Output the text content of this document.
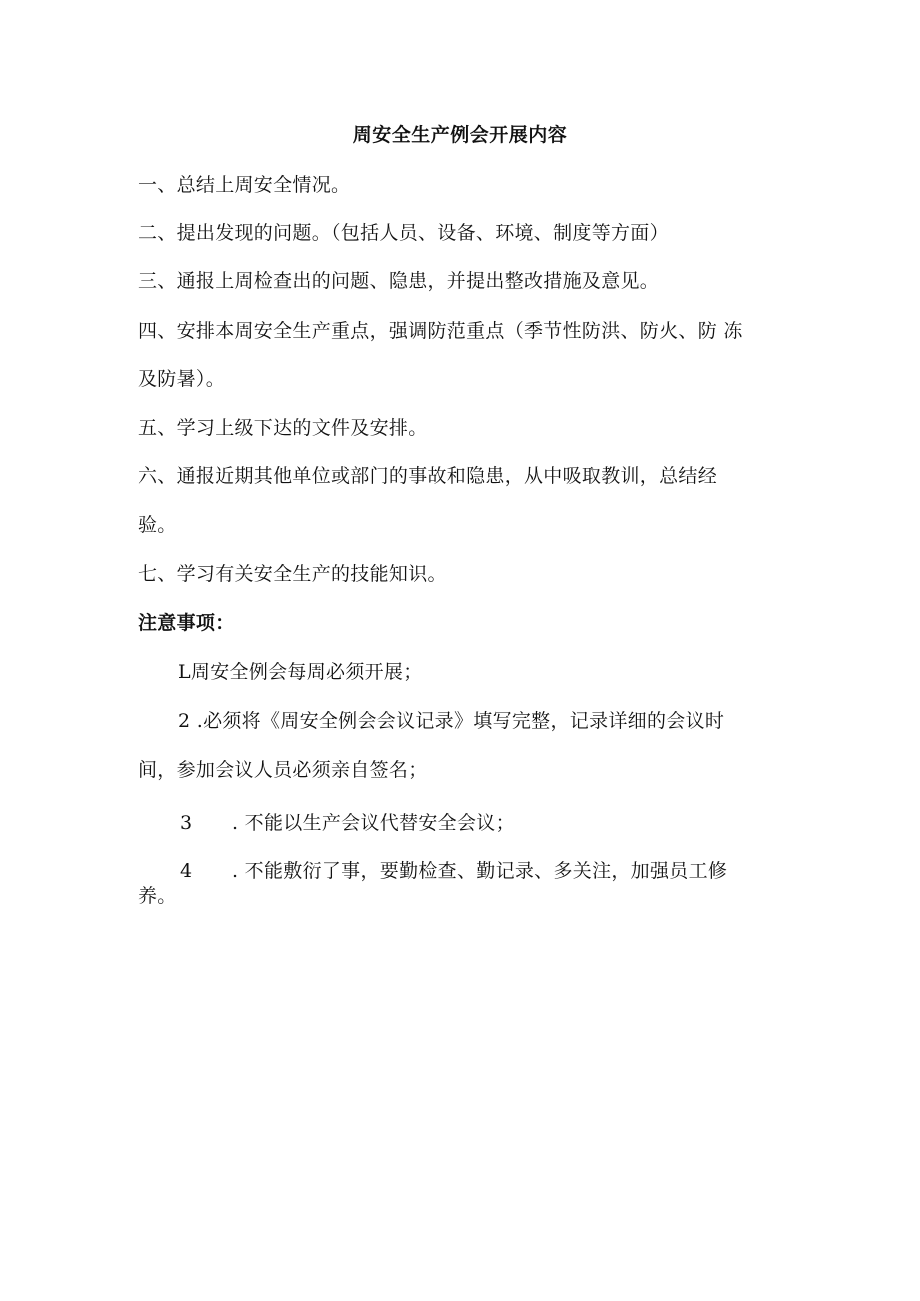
周安全生产例会开展内容
一、总结上周安全情况。
二、提出发现的问题。（包括人员、设备、环境、制度等方面）
三、通报上周检查出的问题、隐患，并提出整改措施及意见。
四、安排本周安全生产重点，强调防范重点（季节性防洪、防火、防 冻
及防暑）。
五、学习上级下达的文件及安排。
六、通报近期其他单位或部门的事故和隐患，从中吸取教训，总结经
验。
七、学习有关安全生产的技能知识。
注意事项：
L周安全例会每周必须开展；
2 .必须将《周安全例会会议记录》填写完整，记录详细的会议时
间，参加会议人员必须亲自签名；
3 . 不能以生产会议代替安全会议；
4 . 不能敷衍了事，要勤检查、勤记录、多关注，加强员工修
养。
